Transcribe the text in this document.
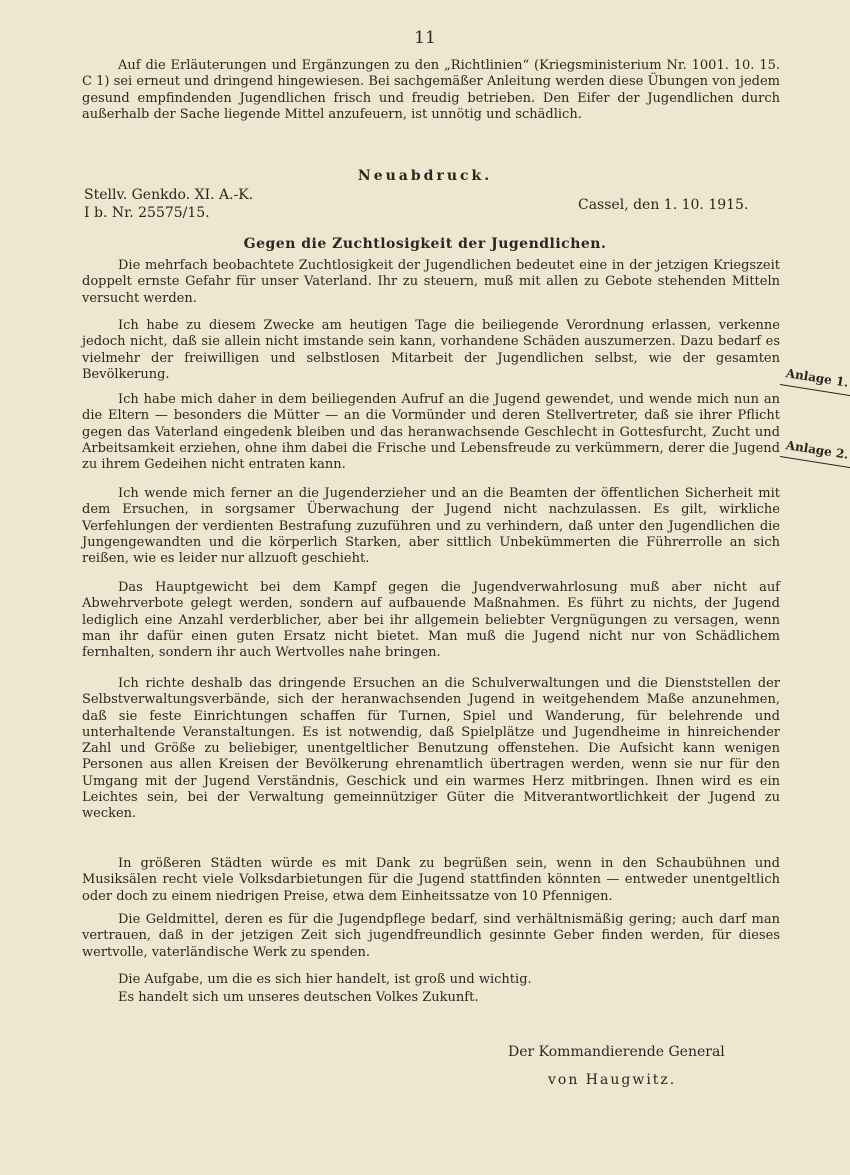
11

Auf die Erläuterungen und Ergänzungen zu den „Richtlinien“ (Kriegsministerium Nr. 1001. 10. 15. C 1) sei erneut und dringend hingewiesen. Bei sachgemäßer Anleitung werden diese Übungen von jedem gesund empfindenden Jugendlichen frisch und freudig betrieben. Den Eifer der Jugendlichen durch außerhalb der Sache liegende Mittel anzufeuern, ist unnötig und schädlich.

Neuabdruck.
Stellv. Genkdo. XI. A.-K.
I b. Nr. 25575/15.	Cassel, den 1. 10. 1915.
Gegen die Zuchtlosigkeit der Jugendlichen.

Die mehrfach beobachtete Zuchtlosigkeit der Jugendlichen bedeutet eine in der jetzigen Kriegszeit doppelt ernste Gefahr für unser Vaterland. Ihr zu steuern, muß mit allen zu Gebote stehenden Mitteln versucht werden.

Ich habe zu diesem Zwecke am heutigen Tage die beiliegende Verordnung erlassen, verkenne jedoch nicht, daß sie allein nicht imstande sein kann, vorhandene Schäden auszumerzen. Dazu bedarf es vielmehr der freiwilligen und selbstlosen Mitarbeit der Jugendlichen selbst, wie der gesamten Bevölkerung.

Ich habe mich daher in dem beiliegenden Aufruf an die Jugend gewendet, und wende mich nun an die Eltern — besonders die Mütter — an die Vormünder und deren Stellvertreter, daß sie ihrer Pflicht gegen das Vaterland eingedenk bleiben und das heranwachsende Geschlecht in Gottesfurcht, Zucht und Arbeitsamkeit erziehen, ohne ihm dabei die Frische und Lebensfreude zu verkümmern, derer die Jugend zu ihrem Gedeihen nicht entraten kann.

Ich wende mich ferner an die Jugenderzieher und an die Beamten der öffentlichen Sicherheit mit dem Ersuchen, in sorgsamer Überwachung der Jugend nicht nachzulassen. Es gilt, wirkliche Verfehlungen der verdienten Bestrafung zuzuführen und zu verhindern, daß unter den Jugendlichen die Jungengewandten und die körperlich Starken, aber sittlich Unbekümmerten die Führerrolle an sich reißen, wie es leider nur allzuoft geschieht.

Das Hauptgewicht bei dem Kampf gegen die Jugendverwahrlosung muß aber nicht auf Abwehrverbote gelegt werden, sondern auf aufbauende Maßnahmen. Es führt zu nichts, der Jugend lediglich eine Anzahl verderblicher, aber bei ihr allgemein beliebter Vergnügungen zu versagen, wenn man ihr dafür einen guten Ersatz nicht bietet. Man muß die Jugend nicht nur von Schädlichem fernhalten, sondern ihr auch Wertvolles nahe bringen.

Ich richte deshalb das dringende Ersuchen an die Schulverwaltungen und die Dienststellen der Selbstverwaltungsverbände, sich der heranwachsenden Jugend in weitgehendem Maße anzunehmen, daß sie feste Einrichtungen schaffen für Turnen, Spiel und Wanderung, für belehrende und unterhaltende Veranstaltungen. Es ist notwendig, daß Spielplätze und Jugendheime in hinreichender Zahl und Größe zu beliebiger, unentgeltlicher Benutzung offenstehen. Die Aufsicht kann wenigen Personen aus allen Kreisen der Bevölkerung ehrenamtlich übertragen werden, wenn sie nur für den Umgang mit der Jugend Verständnis, Geschick und ein warmes Herz mitbringen. Ihnen wird es ein Leichtes sein, bei der Verwaltung gemeinnütziger Güter die Mitverantwortlichkeit der Jugend zu wecken.

In größeren Städten würde es mit Dank zu begrüßen sein, wenn in den Schaubühnen und Musiksälen recht viele Volksdarbietungen für die Jugend stattfinden könnten — entweder unentgeltlich oder doch zu einem niedrigen Preise, etwa dem Einheitssatze von 10 Pfennigen.

Die Geldmittel, deren es für die Jugendpflege bedarf, sind verhältnismäßig gering; auch darf man vertrauen, daß in der jetzigen Zeit sich jugendfreundlich gesinnte Geber finden werden, für dieses wertvolle, vaterländische Werk zu spenden.

Die Aufgabe, um die es sich hier handelt, ist groß und wichtig.

Es handelt sich um unseres deutschen Volkes Zukunft.

Anlage 1.
Anlage 2.
Der Kommandierende General
von Haugwitz.
